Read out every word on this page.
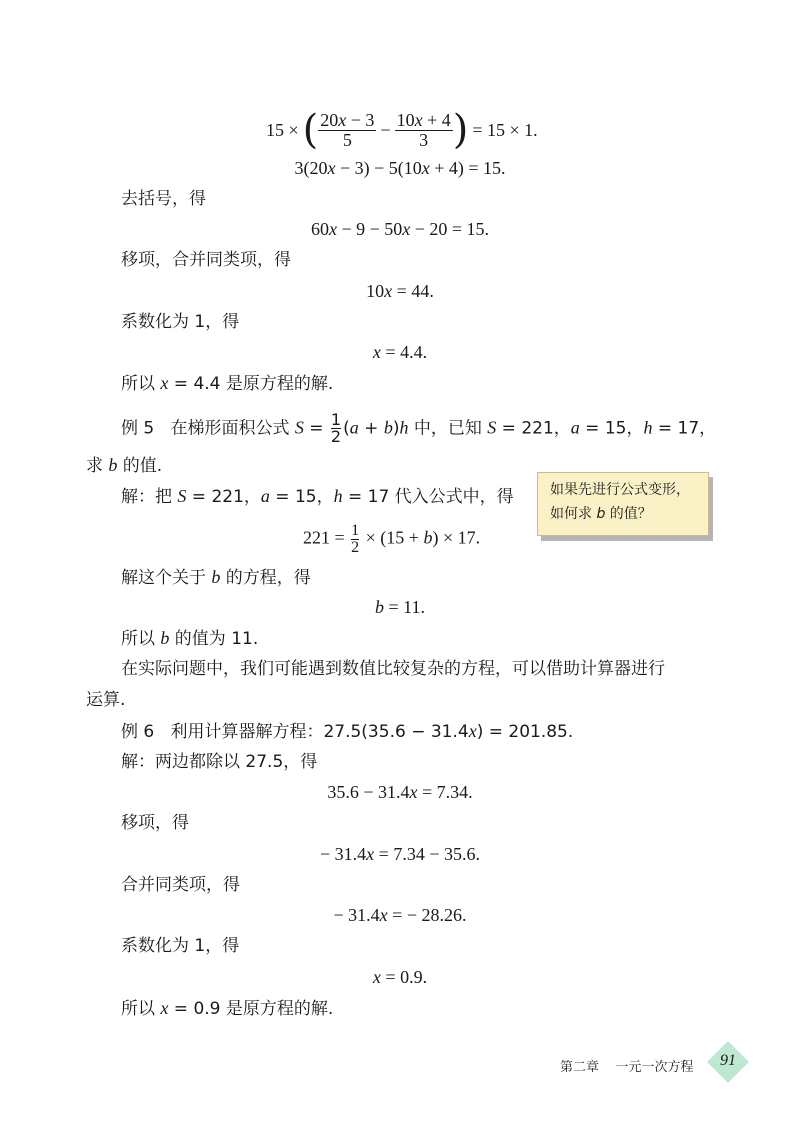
15 × ( $\frac{20x - 3}{5} - \frac{10x + 4}{3}$ ) = 15 × 1.
3(20x − 3) − 5(10x + 4) = 15.
去括号，得
60x − 9 − 50x − 20 = 15.
移项，合并同类项，得
10x = 44.
系数化为 1，得
x = 4.4.
所以 x = 4.4 是原方程的解.
例 5 在梯形面积公式 $S = \frac{1}{2} (a + b)h$ 中，已知 S = 221，a = 15，h = 17，
求 b 的值.
解：把 S = 221，a = 15，h = 17 代入公式中，得
$221 = \frac{1}{2} \times (15 + b) \times 17$.
如果先进行公式变形，
如何求 b 的值？
解这个关于 b 的方程，得
b = 11.
所以 b 的值为 11.
在实际问题中，我们可能遇到数值比较复杂的方程，可以借助计算器进行
运算.
例 6 利用计算器解方程：27.5(35.6 − 31.4x) = 201.85.
解：两边都除以 27.5，得
35.6 − 31.4x = 7.34.
移项，得
− 31.4x = 7.34 − 35.6.
合并同类项，得
− 31.4x = − 28.26.
系数化为 1，得
x = 0.9.
所以 x = 0.9 是原方程的解.
第二章    一元一次方程	91
